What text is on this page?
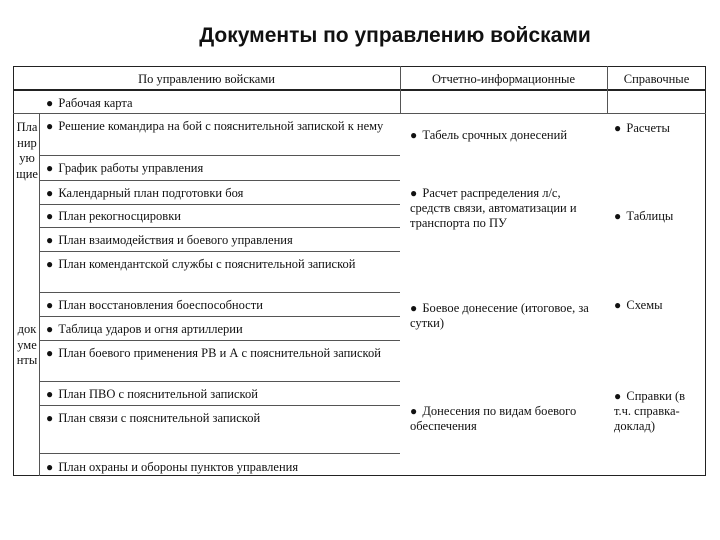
Документы по управлению войсками
По управлению войсками	Отчетно-информационные	Справочные
● Рабочая карта
Планирующие
документы
● Решение командира на бой с пояснительной запиской к нему
● График работы управления
● Календарный план подготовки боя
● План рекогносцировки
● План взаимодействия и боевого управления
● План комендантской службы с пояснительной запиской
● План восстановления боеспособности
● Таблица ударов и огня артиллерии
● План боевого применения РВ и А с пояснительной запиской
● План ПВО с пояснительной запиской
● План связи с пояснительной запиской
● План охраны и обороны пунктов управления
● Табель срочных донесений
● Расчет распределения л/с, средств связи, автоматизации и транспорта по ПУ
● Боевое донесение (итоговое, за сутки)
● Донесения по видам боевого обеспечения
● Расчеты
● Таблицы
● Схемы
● Справки (в т.ч. справка-доклад)
